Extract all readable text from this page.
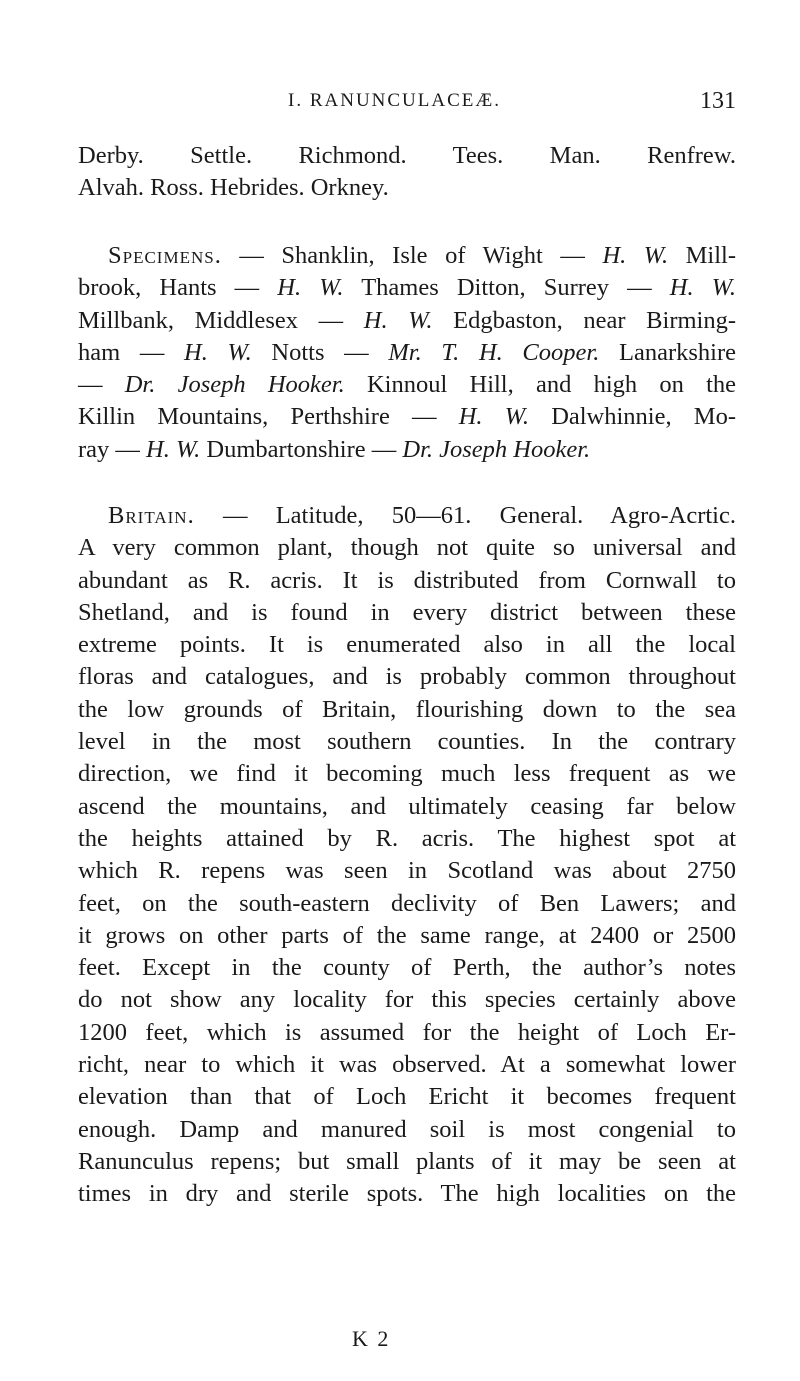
I. RANUNCULACEÆ.	131
Derby. Settle. Richmond. Tees. Man. Renfrew.
Alvah. Ross. Hebrides. Orkney.
Specimens. — Shanklin, Isle of Wight — H. W. Mill-
brook, Hants — H. W. Thames Ditton, Surrey — H. W.
Millbank, Middlesex — H. W. Edgbaston, near Birming-
ham — H. W. Notts — Mr. T. H. Cooper. Lanarkshire
— Dr. Joseph Hooker. Kinnoul Hill, and high on the
Killin Mountains, Perthshire — H. W. Dalwhinnie, Mo-
ray — H. W. Dumbartonshire — Dr. Joseph Hooker.
Britain. — Latitude, 50—61. General. Agro-Acrtic.
A very common plant, though not quite so universal and
abundant as R. acris. It is distributed from Cornwall to
Shetland, and is found in every district between these
extreme points. It is enumerated also in all the local
floras and catalogues, and is probably common throughout
the low grounds of Britain, flourishing down to the sea
level in the most southern counties. In the contrary
direction, we find it becoming much less frequent as we
ascend the mountains, and ultimately ceasing far below
the heights attained by R. acris. The highest spot at
which R. repens was seen in Scotland was about 2750
feet, on the south-eastern declivity of Ben Lawers; and
it grows on other parts of the same range, at 2400 or 2500
feet. Except in the county of Perth, the author’s notes
do not show any locality for this species certainly above
1200 feet, which is assumed for the height of Loch Er-
richt, near to which it was observed. At a somewhat lower
elevation than that of Loch Ericht it becomes frequent
enough. Damp and manured soil is most congenial to
Ranunculus repens; but small plants of it may be seen at
times in dry and sterile spots. The high localities on the
K 2
